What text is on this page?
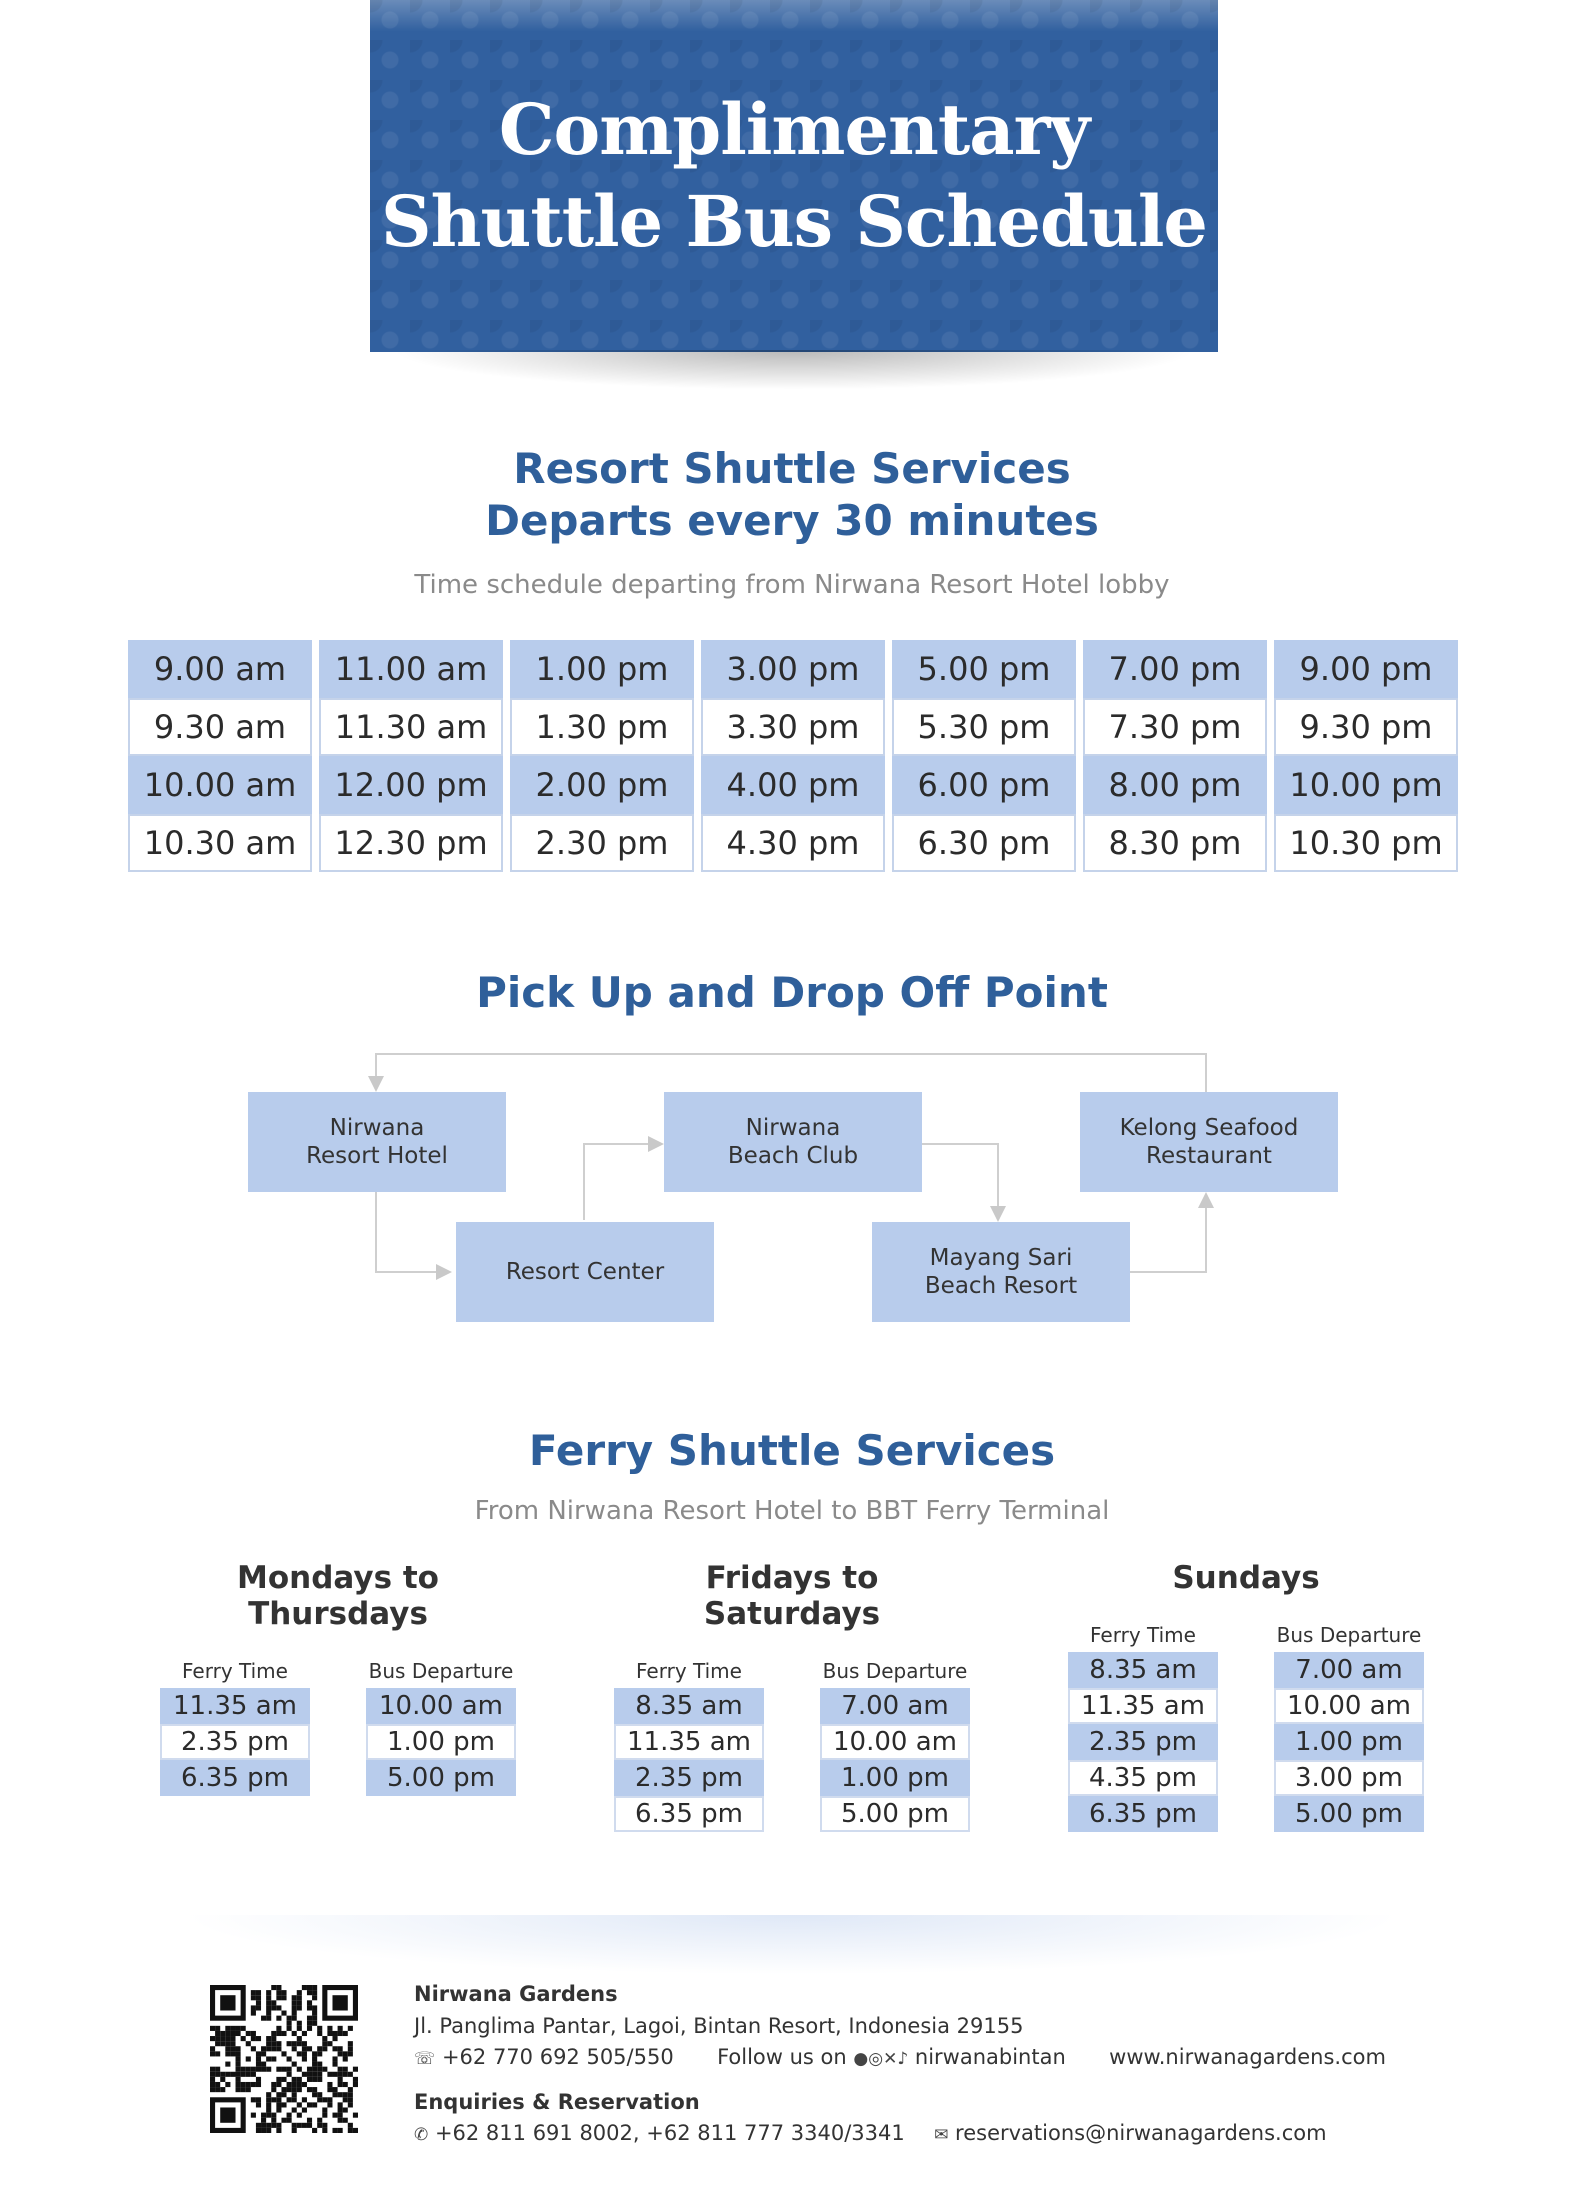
Complimentary
Shuttle Bus Schedule
Resort Shuttle Services
Departs every 30 minutes
Time schedule departing from Nirwana Resort Hotel lobby
9.00 am
9.30 am
10.00 am
10.30 am
11.00 am
11.30 am
12.00 pm
12.30 pm
1.00 pm
1.30 pm
2.00 pm
2.30 pm
3.00 pm
3.30 pm
4.00 pm
4.30 pm
5.00 pm
5.30 pm
6.00 pm
6.30 pm
7.00 pm
7.30 pm
8.00 pm
8.30 pm
9.00 pm
9.30 pm
10.00 pm
10.30 pm
Pick Up and Drop Off Point
Nirwana
Resort Hotel
Resort Center
Nirwana
Beach Club
Mayang Sari
Beach Resort
Kelong Seafood
Restaurant
Ferry Shuttle Services
From Nirwana Resort Hotel to BBT Ferry Terminal
Mondays to Thursdays
Ferry Time
11.35 am
2.35 pm
6.35 pm
Bus Departure
10.00 am
1.00 pm
5.00 pm
Fridays to Saturdays
Ferry Time
8.35 am
11.35 am
2.35 pm
6.35 pm
Bus Departure
7.00 am
10.00 am
1.00 pm
5.00 pm
Sundays
Ferry Time
8.35 am
11.35 am
2.35 pm
4.35 pm
6.35 pm
Bus Departure
7.00 am
10.00 am
1.00 pm
3.00 pm
5.00 pm
Nirwana Gardens
Jl. Panglima Pantar, Lagoi, Bintan Resort, Indonesia 29155
☏ +62 770 692 505/550 Follow us on ●◎✕♪ nirwanabintan www.nirwanagardens.com
Enquiries & Reservation
✆ +62 811 691 8002, +62 811 777 3340/3341 ✉ reservations@nirwanagardens.com
